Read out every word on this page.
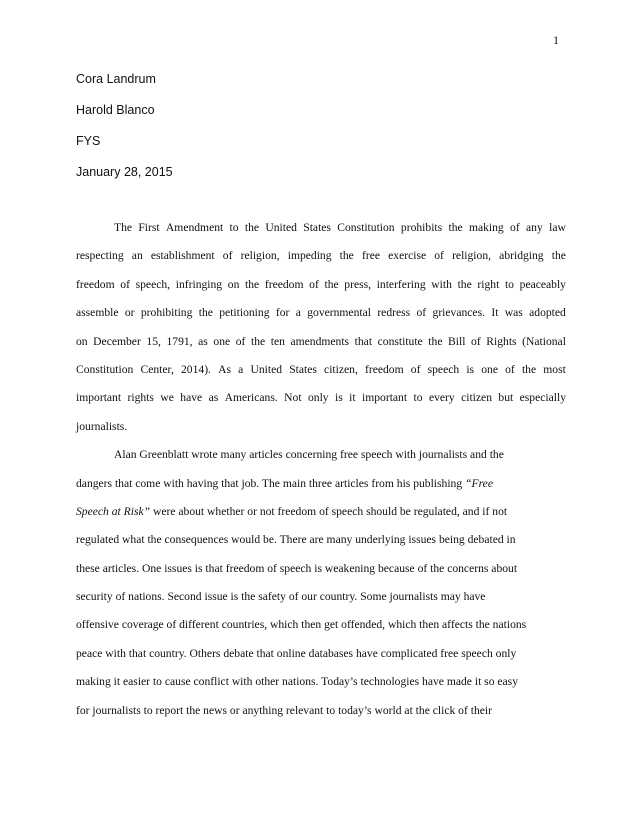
1
Cora Landrum
Harold Blanco
FYS
January 28, 2015
The First Amendment to the United States Constitution prohibits the making of any law
respecting an establishment of religion, impeding the free exercise of religion, abridging the
freedom of speech, infringing on the freedom of the press, interfering with the right to peaceably
assemble or prohibiting the petitioning for a governmental redress of grievances. It was adopted
on December 15, 1791, as one of the ten amendments that constitute the Bill of Rights (National
Constitution Center, 2014). As a United States citizen, freedom of speech is one of the most
important rights we have as Americans. Not only is it important to every citizen but especially
journalists.
Alan Greenblatt wrote many articles concerning free speech with journalists and the
dangers that come with having that job. The main three articles from his publishing “Free
Speech at Risk” were about whether or not freedom of speech should be regulated, and if not
regulated what the consequences would be. There are many underlying issues being debated in
these articles. One issues is that freedom of speech is weakening because of the concerns about
security of nations. Second issue is the safety of our country. Some journalists may have
offensive coverage of different countries, which then get offended, which then affects the nations
peace with that country. Others debate that online databases have complicated free speech only
making it easier to cause conflict with other nations. Today’s technologies have made it so easy
for journalists to report the news or anything relevant to today’s world at the click of their
